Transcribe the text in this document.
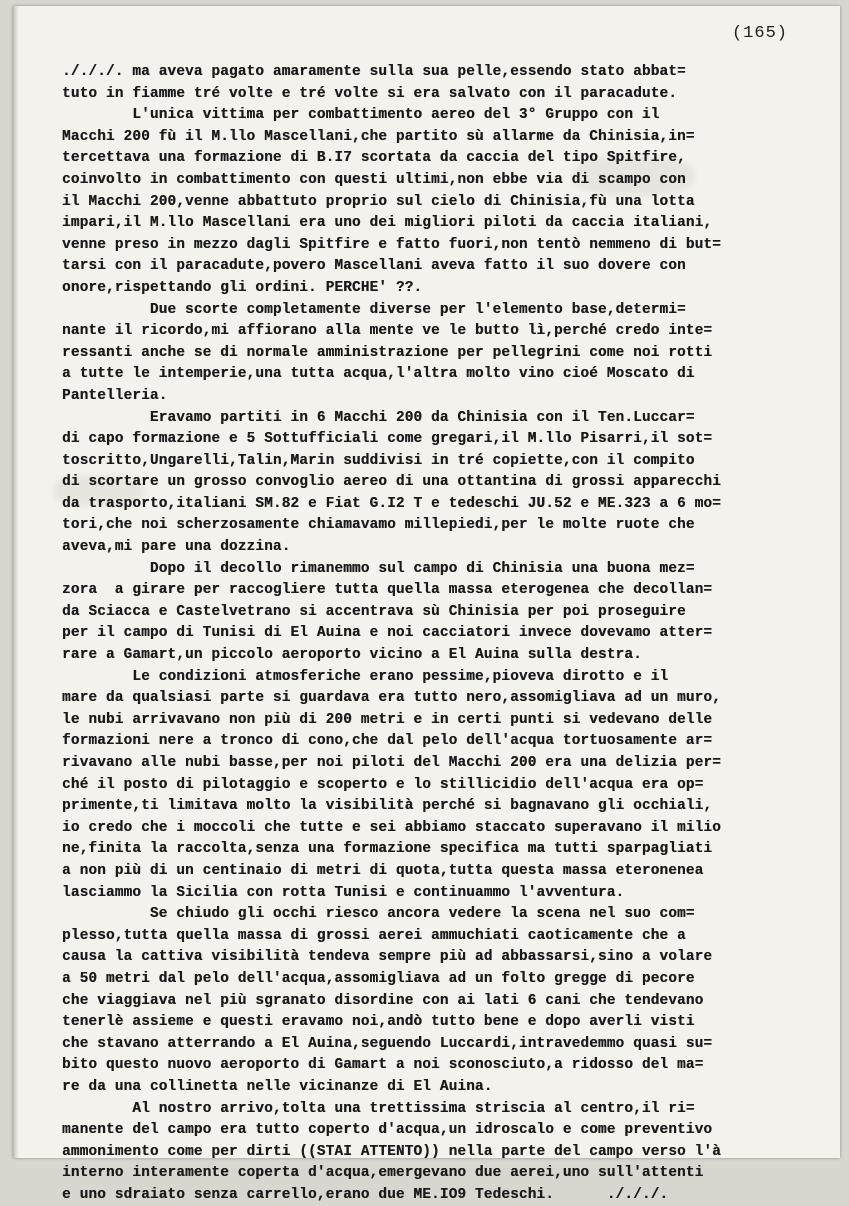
(165)
./././. ma aveva pagato amaramente sulla sua pelle,essendo stato abbat=
tuto in fiamme tré volte e tré volte si era salvato con il paracadute.
L'unica vittima per combattimento aereo del 3° Gruppo con il
Macchi 200 fù il M.llo Mascellani,che partito sù allarme da Chinisia,in=
tercettava una formazione di B.I7 scortata da caccia del tipo Spitfire,
coinvolto in combattimento con questi ultimi,non ebbe via di scampo con
il Macchi 200,venne abbattuto proprio sul cielo di Chinisia,fù una lotta
impari,il M.llo Mascellani era uno dei migliori piloti da caccia italiani,
venne preso in mezzo dagli Spitfire e fatto fuori,non tentò nemmeno di but=
tarsi con il paracadute,povero Mascellani aveva fatto il suo dovere con
onore,rispettando gli ordini. PERCHE' ??.
Due scorte completamente diverse per l'elemento base,determi=
nante il ricordo,mi affiorano alla mente ve le butto lì,perché credo inte=
ressanti anche se di normale amministrazione per pellegrini come noi rotti
a tutte le intemperie,una tutta acqua,l'altra molto vino cioé Moscato di
Pantelleria.
Eravamo partiti in 6 Macchi 200 da Chinisia con il Ten.Luccar=
di capo formazione e 5 Sottufficiali come gregari,il M.llo Pisarri,il sot=
toscritto,Ungarelli,Talin,Marin suddivisi in tré copiette,con il compito
di scortare un grosso convoglio aereo di una ottantina di grossi apparecchi
da trasporto,italiani SM.82 e Fiat G.I2 T e tedeschi JU.52 e ME.323 a 6 mo=
tori,che noi scherzosamente chiamavamo millepiedi,per le molte ruote che
aveva,mi pare una dozzina.
Dopo il decollo rimanemmo sul campo di Chinisia una buona mez=
zora  a girare per raccogliere tutta quella massa eterogenea che decollan=
da Sciacca e Castelvetrano si accentrava sù Chinisia per poi proseguire
per il campo di Tunisi di El Auina e noi cacciatori invece dovevamo atter=
rare a Gamart,un piccolo aeroporto vicino a El Auina sulla destra.
Le condizioni atmosferiche erano pessime,pioveva dirotto e il
mare da qualsiasi parte si guardava era tutto nero,assomigliava ad un muro,
le nubi arrivavano non più di 200 metri e in certi punti si vedevano delle
formazioni nere a tronco di cono,che dal pelo dell'acqua tortuosamente ar=
rivavano alle nubi basse,per noi piloti del Macchi 200 era una delizia per=
ché il posto di pilotaggio e scoperto e lo stillicidio dell'acqua era op=
primente,ti limitava molto la visibilità perché si bagnavano gli occhiali,
io credo che i moccoli che tutte e sei abbiamo staccato superavano il milio
ne,finita la raccolta,senza una formazione specifica ma tutti sparpagliati
a non più di un centinaio di metri di quota,tutta questa massa eteronenea
lasciammo la Sicilia con rotta Tunisi e continuammo l'avventura.
Se chiudo gli occhi riesco ancora vedere la scena nel suo com=
plesso,tutta quella massa di grossi aerei ammuchiati caoticamente che a
causa la cattiva visibilità tendeva sempre più ad abbassarsi,sino a volare
a 50 metri dal pelo dell'acqua,assomigliava ad un folto gregge di pecore
che viaggiava nel più sgranato disordine con ai lati 6 cani che tendevano
tenerlè assieme e questi eravamo noi,andò tutto bene e dopo averli visti
che stavano atterrando a El Auina,seguendo Luccardi,intravedemmo quasi su=
bito questo nuovo aeroporto di Gamart a noi sconosciuto,a ridosso del ma=
re da una collinetta nelle vicinanze di El Auina.
Al nostro arrivo,tolta una trettissima striscia al centro,il ri=
manente del campo era tutto coperto d'acqua,un idroscalo e come preventivo
ammonimento come per dirti ((STAI ATTENTO)) nella parte del campo verso l'à
interno interamente coperta d'acqua,emergevano due aerei,uno sull'attenti
e uno sdraiato senza carrello,erano due ME.IO9 Tedeschi.      ./././.
